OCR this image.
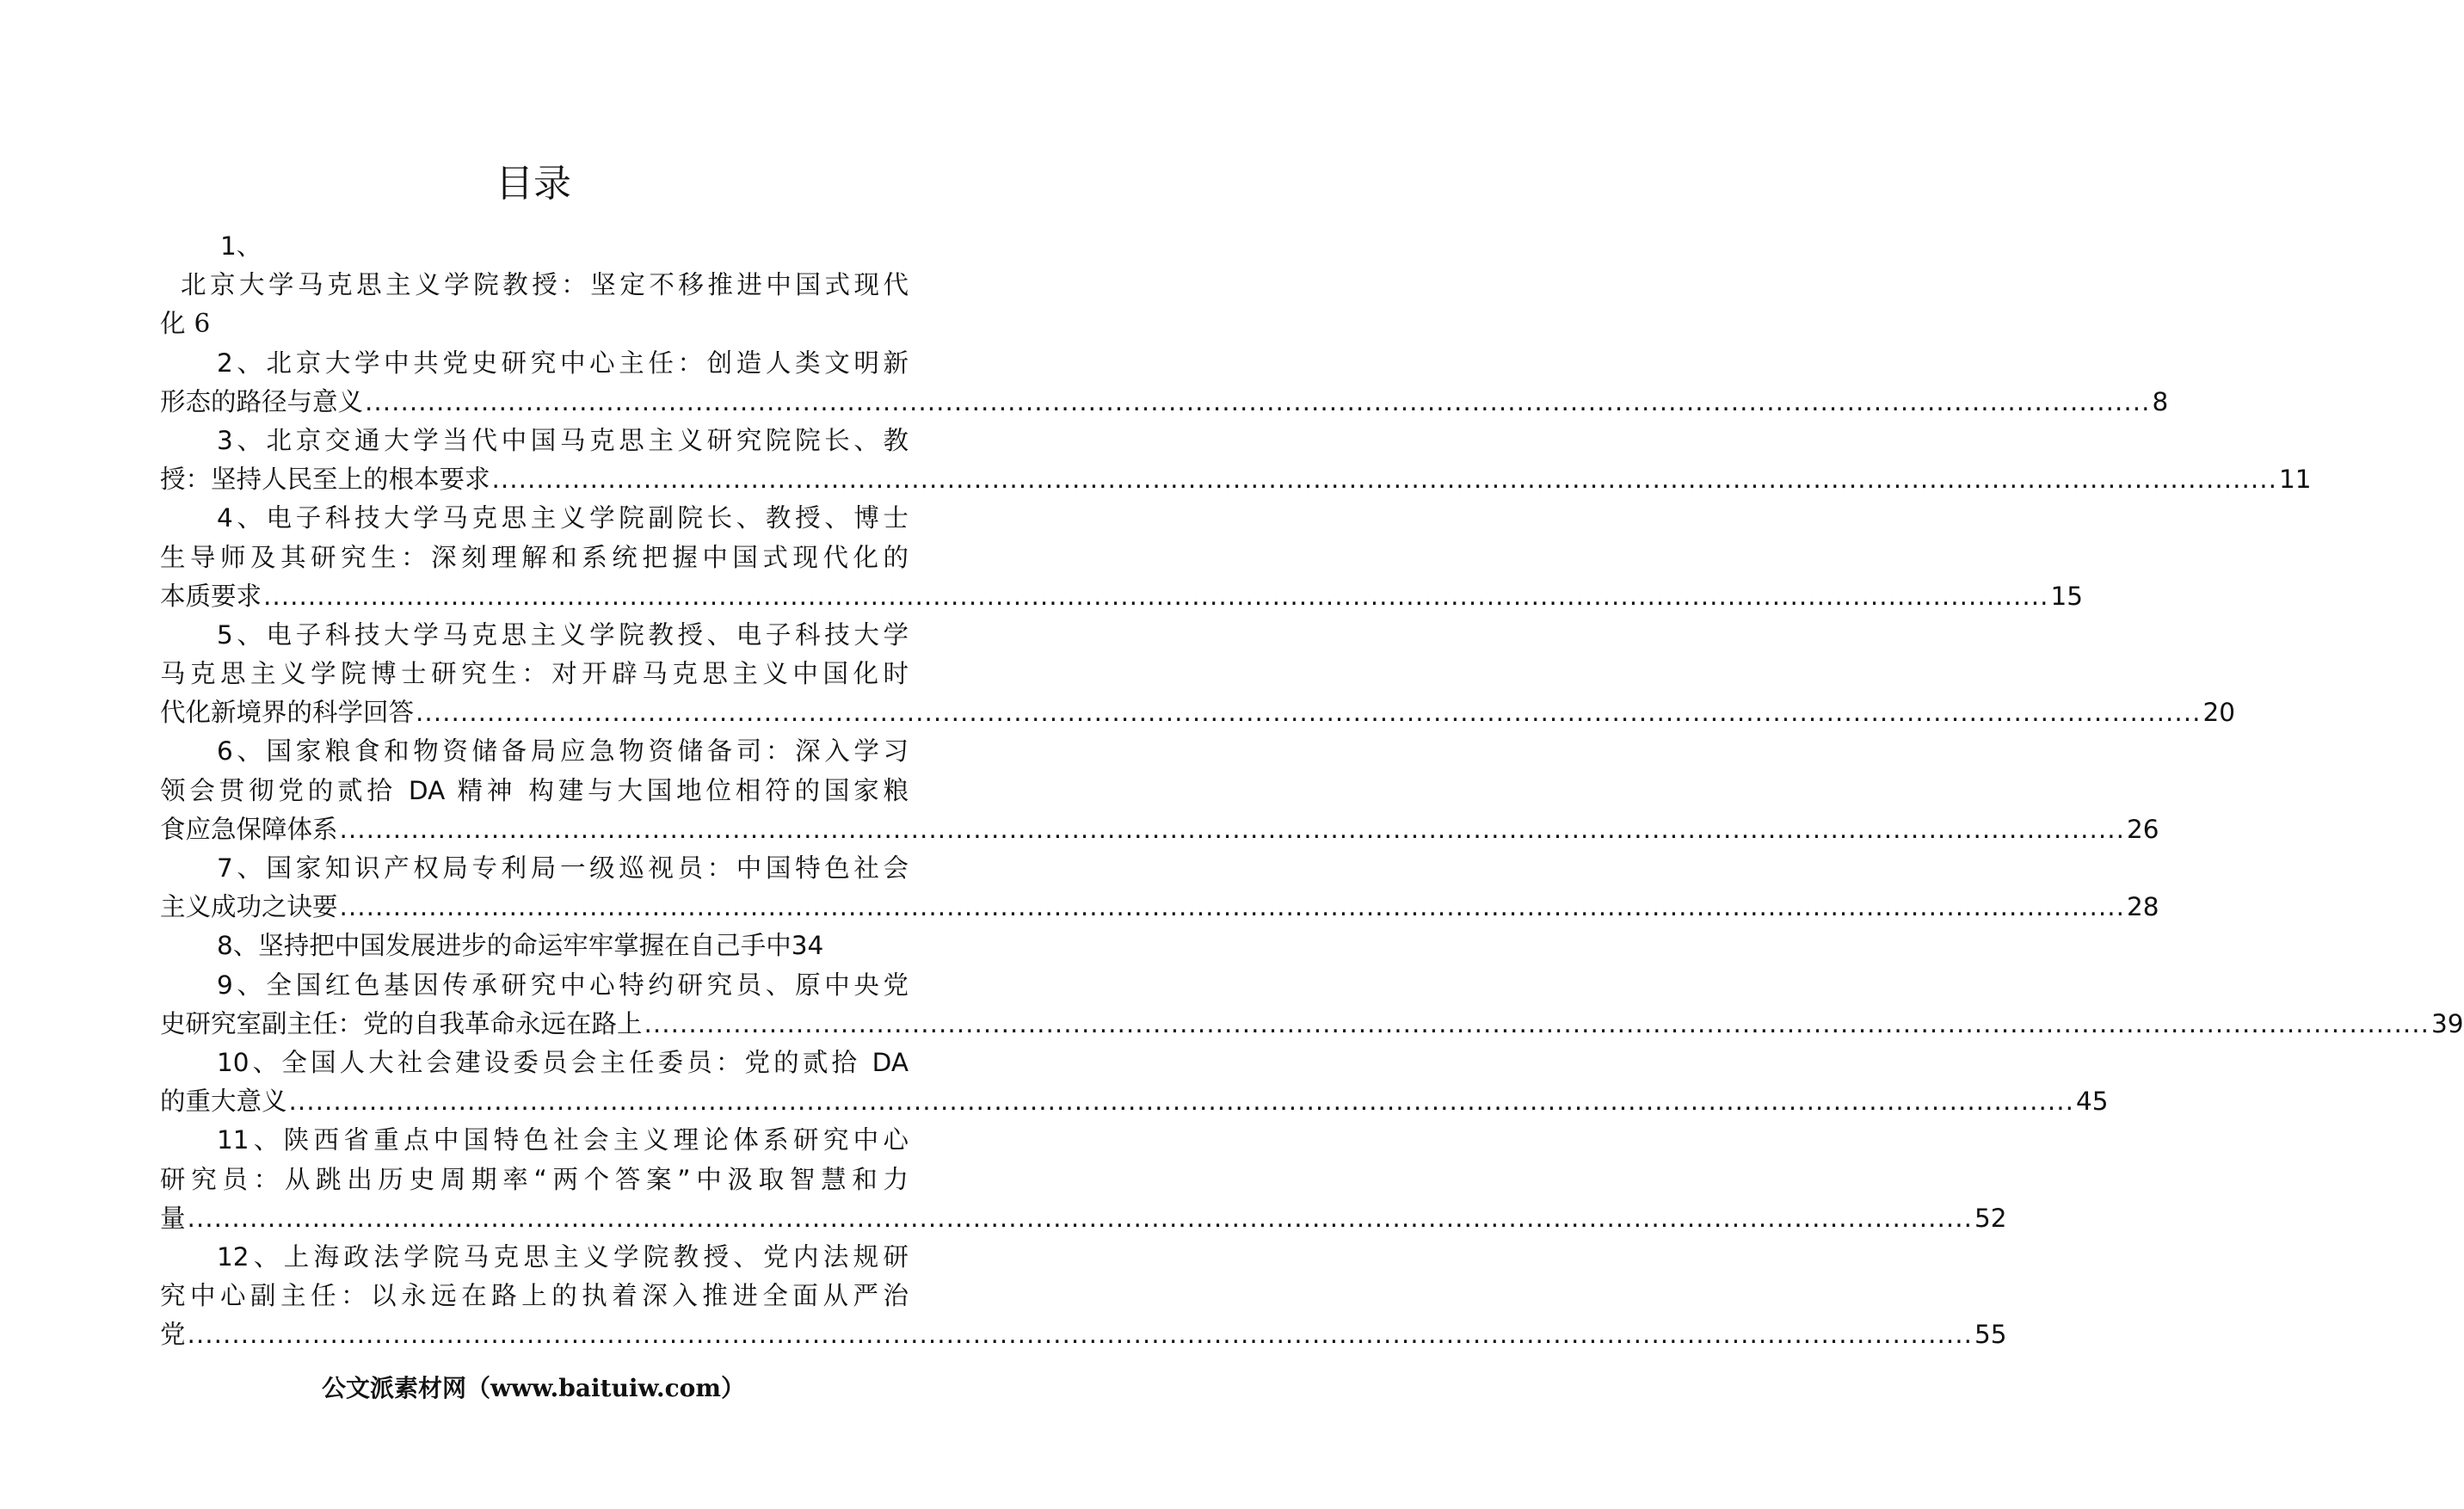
目录
1、
北京大学马克思主义学院教授：坚定不移推进中国式现代
化 6
2、北京大学中共党史研究中心主任：创造人类文明新
形态的路径与意义 ........................................................................................................................................................................................................ 8
3、北京交通大学当代中国马克思主义研究院院长、教
授：坚持人民至上的根本要求 ........................................................................................................................................................................................................ 11
4、电子科技大学马克思主义学院副院长、教授、博士
生导师及其研究生：深刻理解和系统把握中国式现代化的
本质要求 ........................................................................................................................................................................................................ 15
5、电子科技大学马克思主义学院教授、电子科技大学
马克思主义学院博士研究生：对开辟马克思主义中国化时
代化新境界的科学回答 ........................................................................................................................................................................................................ 20
6、国家粮食和物资储备局应急物资储备司：深入学习
领会贯彻党的贰拾 DA 精神 构建与大国地位相符的国家粮
食应急保障体系 ........................................................................................................................................................................................................ 26
7、国家知识产权局专利局一级巡视员：中国特色社会
主义成功之诀要 ........................................................................................................................................................................................................ 28
8、坚持把中国发展进步的命运牢牢掌握在自己手中 34
9、全国红色基因传承研究中心特约研究员、原中央党
史研究室副主任：党的自我革命永远在路上 ........................................................................................................................................................................................................ 39
10、全国人大社会建设委员会主任委员：党的贰拾 DA
的重大意义 ........................................................................................................................................................................................................ 45
11、陕西省重点中国特色社会主义理论体系研究中心
研究员：从跳出历史周期率“两个答案”中汲取智慧和力
量 ........................................................................................................................................................................................................ 52
12、上海政法学院马克思主义学院教授、党内法规研
究中心副主任：以永远在路上的执着深入推进全面从严治
党 ........................................................................................................................................................................................................ 55
公文派素材网（www.baituiw.com）
